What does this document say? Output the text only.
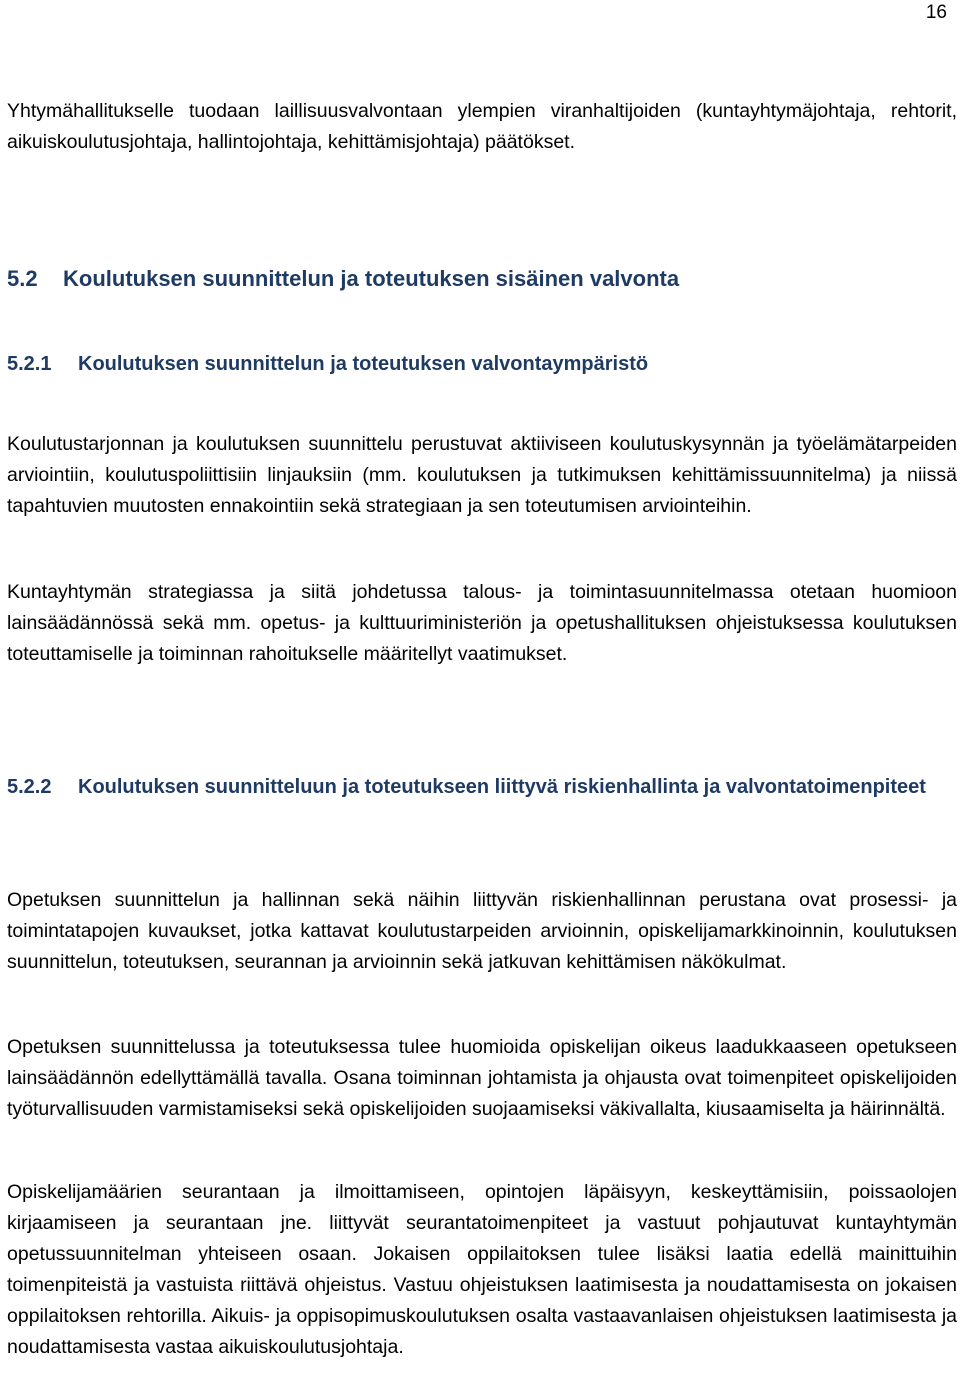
16

Yhtymähallitukselle tuodaan laillisuusvalvontaan ylempien viranhaltijoiden (kuntayhtymäjohtaja, rehtorit, aikuiskoulutusjohtaja, hallintojohtaja, kehittämisjohtaja) päätökset.

5.2 Koulutuksen suunnittelun ja toteutuksen sisäinen valvonta
5.2.1	Koulutuksen suunnittelun ja toteutuksen valvontaympäristö

Koulutustarjonnan ja koulutuksen suunnittelu perustuvat aktiiviseen koulutuskysynnän ja työelämätarpeiden arviointiin, koulutuspoliittisiin linjauksiin (mm. koulutuksen ja tutkimuksen kehittämissuunnitelma) ja niissä tapahtuvien muutosten ennakointiin sekä strategiaan ja sen toteutumisen arviointeihin.

Kuntayhtymän strategiassa ja siitä johdetussa talous- ja toimintasuunnitelmassa otetaan huomioon lainsäädännössä sekä mm. opetus- ja kulttuuriministeriön ja opetushallituksen ohjeistuksessa koulutuksen toteuttamiselle ja toiminnan rahoitukselle määritellyt vaatimukset.

5.2.2	Koulutuksen suunnitteluun ja toteutukseen liittyvä riskienhallinta ja valvontatoimenpiteet

Opetuksen suunnittelun ja hallinnan sekä näihin liittyvän riskienhallinnan perustana ovat prosessi- ja toimintatapojen kuvaukset, jotka kattavat koulutustarpeiden arvioinnin, opiskelijamarkkinoinnin, koulutuksen suunnittelun, toteutuksen, seurannan ja arvioinnin sekä jatkuvan kehittämisen näkökulmat.

Opetuksen suunnittelussa ja toteutuksessa tulee huomioida opiskelijan oikeus laadukkaaseen opetukseen lainsäädännön edellyttämällä tavalla. Osana toiminnan johtamista ja ohjausta ovat toimenpiteet opiskelijoiden työturvallisuuden varmistamiseksi sekä opiskelijoiden suojaamiseksi väkivallalta, kiusaamiselta ja häirinnältä.

Opiskelijamäärien seurantaan ja ilmoittamiseen, opintojen läpäisyyn, keskeyttämisiin, poissaolojen kirjaamiseen ja seurantaan jne. liittyvät seurantatoimenpiteet ja vastuut pohjautuvat kuntayhtymän opetussuunnitelman yhteiseen osaan. Jokaisen oppilaitoksen tulee lisäksi laatia edellä mainittuihin toimenpiteistä ja vastuista riittävä ohjeistus. Vastuu ohjeistuksen laatimisesta ja noudattamisesta on jokaisen oppilaitoksen rehtorilla. Aikuis- ja oppisopimuskoulutuksen osalta vastaavanlaisen ohjeistuksen laatimisesta ja noudattamisesta vastaa aikuiskoulutusjohtaja.
